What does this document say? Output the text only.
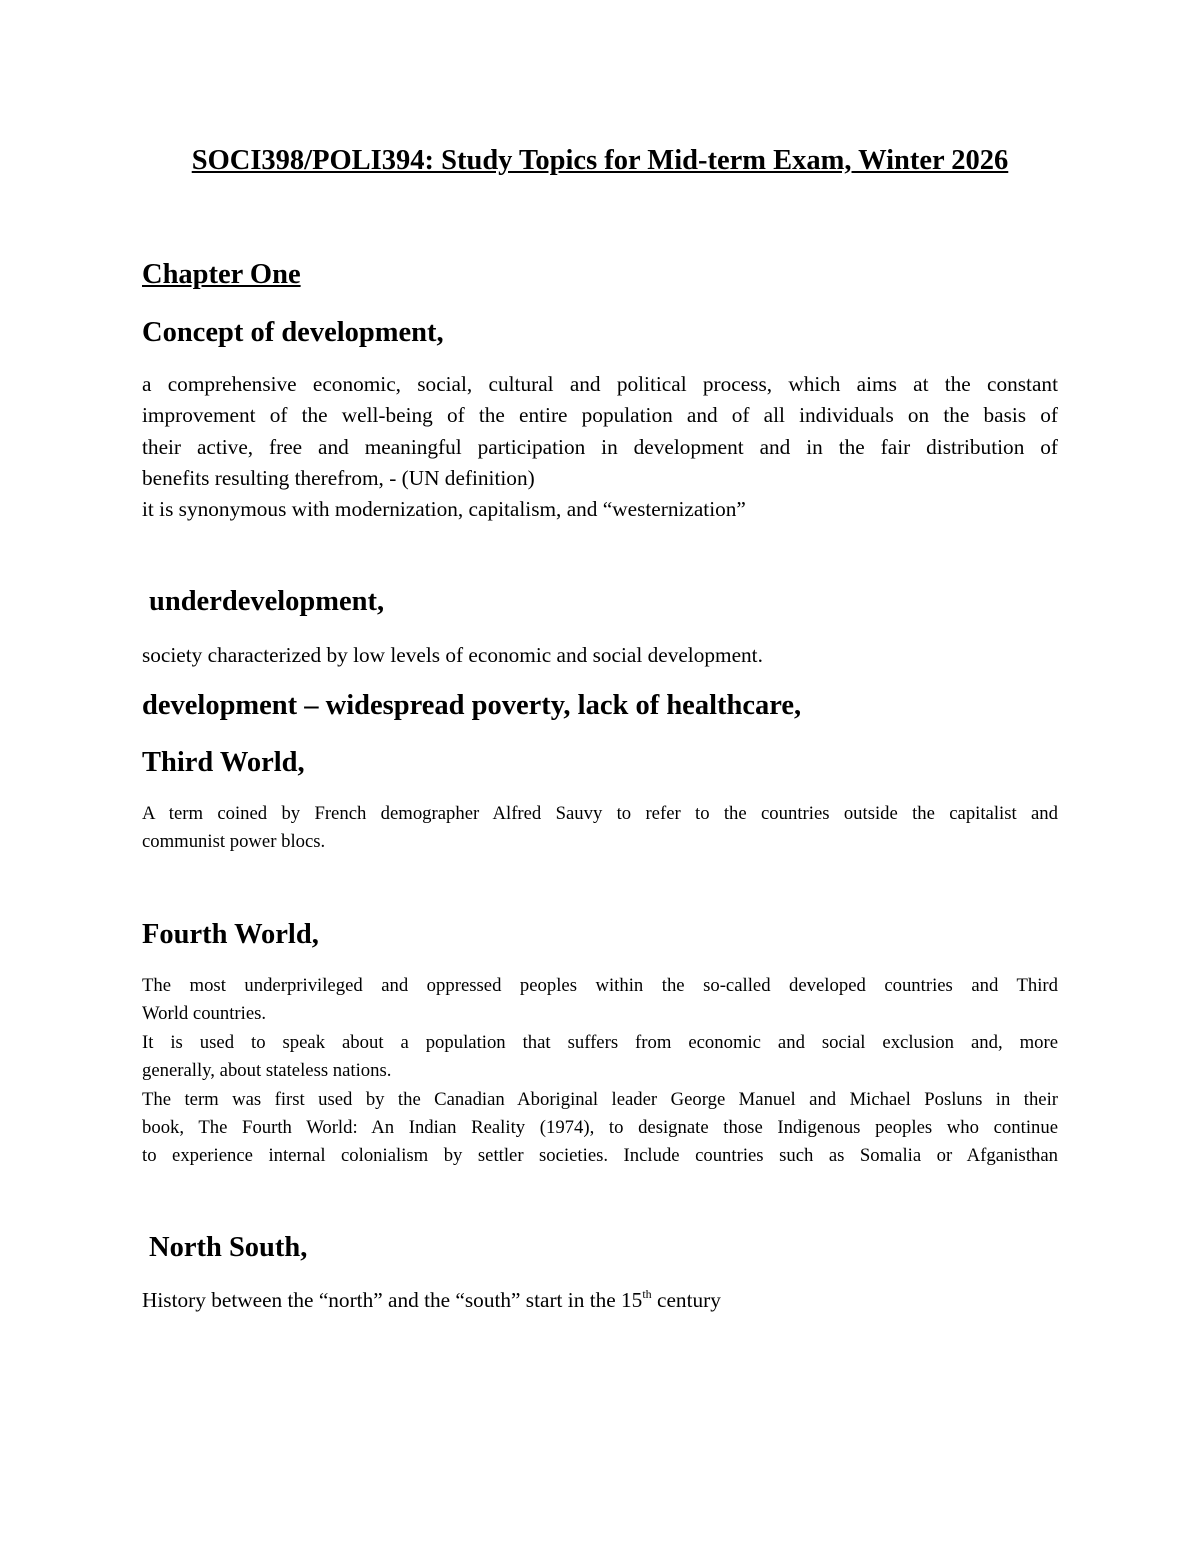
SOCI398/POLI394: Study Topics for Mid-term Exam, Winter 2026
Chapter One
Concept of development,
a comprehensive economic, social, cultural and political process, which aims at the constant
improvement of the well-being of the entire population and of all individuals on the basis of
their active, free and meaningful participation in development and in the fair distribution of
benefits resulting therefrom, - (UN definition)
it is synonymous with modernization, capitalism, and “westernization”
underdevelopment,
society characterized by low levels of economic and social development.
development – widespread poverty, lack of healthcare,
Third World,
A term coined by French demographer Alfred Sauvy to refer to the countries outside the capitalist and
communist power blocs.
Fourth World,
The most underprivileged and oppressed peoples within the so-called developed countries and Third
World countries.
It is used to speak about a population that suffers from economic and social exclusion and, more
generally, about stateless nations.
The term was first used by the Canadian Aboriginal leader George Manuel and Michael Posluns in their
book, The Fourth World: An Indian Reality (1974), to designate those Indigenous peoples who continue
to experience internal colonialism by settler societies. Include countries such as Somalia or Afganisthan
North South,
History between the “north” and the “south” start in the 15th century
